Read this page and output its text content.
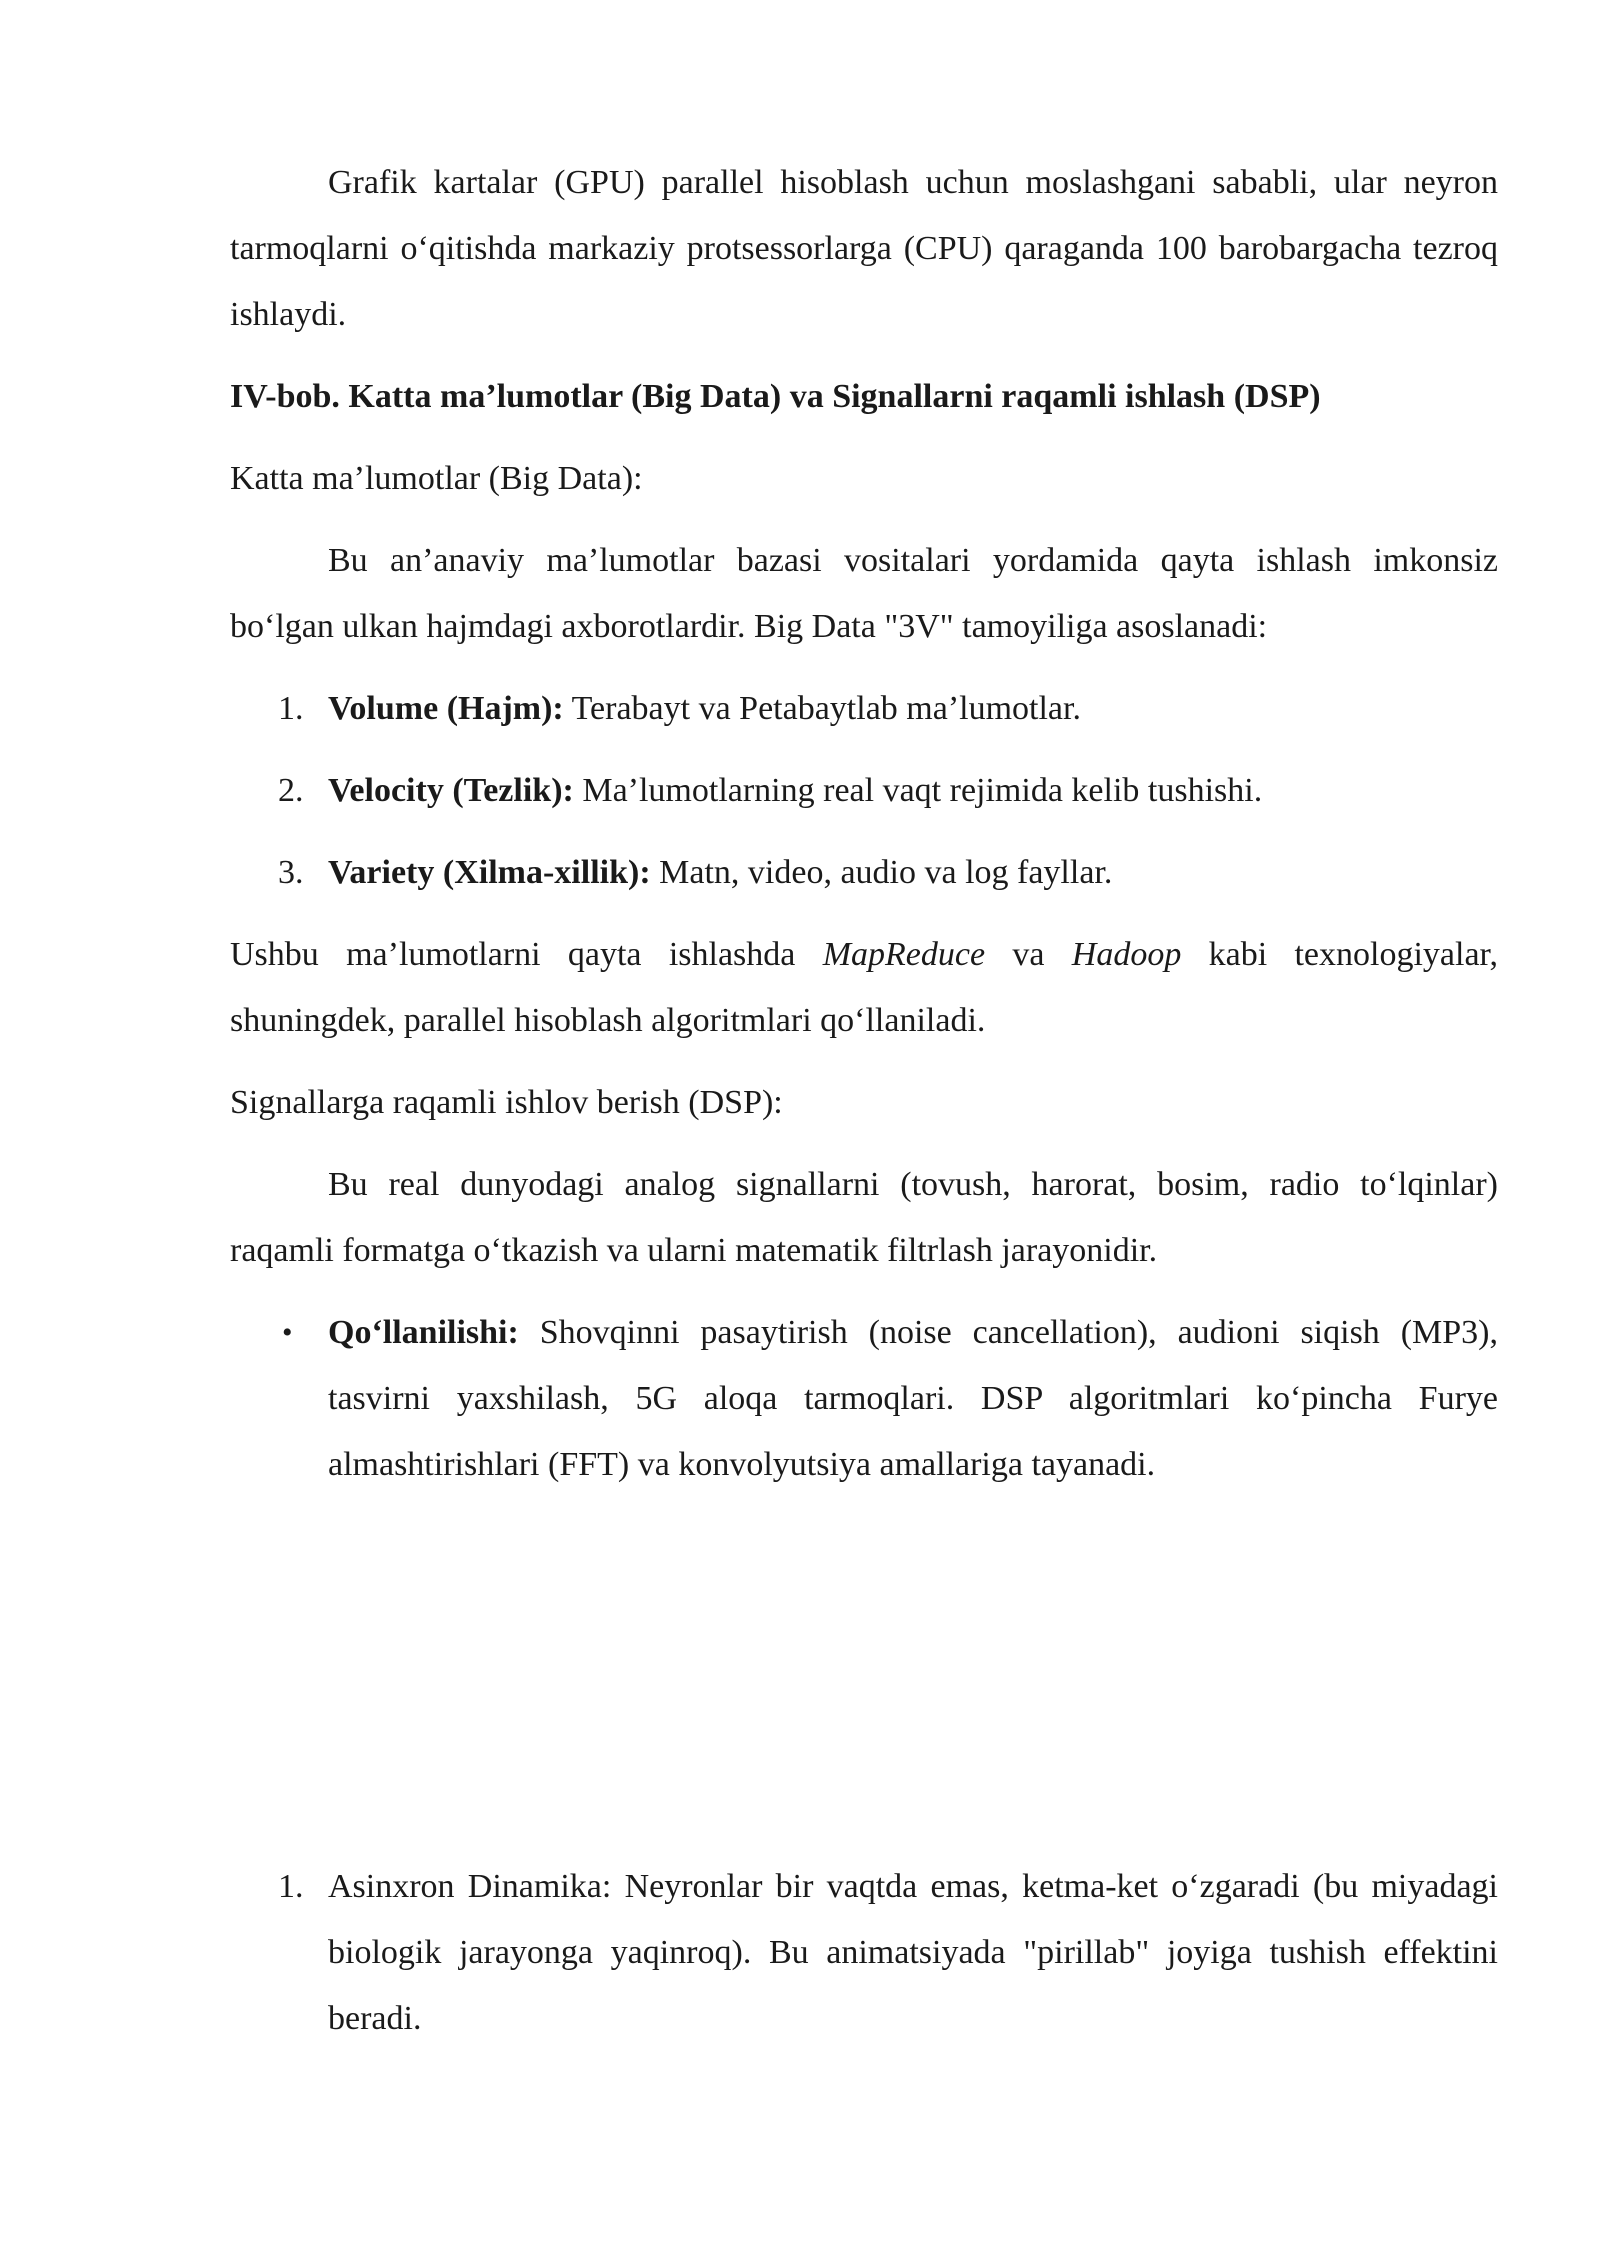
Grafik kartalar (GPU) parallel hisoblash uchun moslashgani sababli, ular neyron tarmoqlarni o‘qitishda markaziy protsessorlarga (CPU) qaraganda 100 barobargacha tezroq ishlaydi.

IV-bob. Katta ma’lumotlar (Big Data) va Signallarni raqamli ishlash (DSP)

Katta ma’lumotlar (Big Data):

Bu an’anaviy ma’lumotlar bazasi vositalari yordamida qayta ishlash imkonsiz bo‘lgan ulkan hajmdagi axborotlardir. Big Data "3V" tamoyiliga asoslanadi:

1. Volume (Hajm): Terabayt va Petabaytlab ma’lumotlar.
2. Velocity (Tezlik): Ma’lumotlarning real vaqt rejimida kelib tushishi.
3. Variety (Xilma-xillik): Matn, video, audio va log fayllar.

Ushbu ma’lumotlarni qayta ishlashda MapReduce va Hadoop kabi texnologiyalar, shuningdek, parallel hisoblash algoritmlari qo‘llaniladi.

Signallarga raqamli ishlov berish (DSP):

Bu real dunyodagi analog signallarni (tovush, harorat, bosim, radio to‘lqinlar) raqamli formatga o‘tkazish va ularni matematik filtrlash jarayonidir.

• Qo‘llanilishi: Shovqinni pasaytirish (noise cancellation), audioni siqish (MP3), tasvirni yaxshilash, 5G aloqa tarmoqlari. DSP algoritmlari ko‘pincha Furye almashtirishlari (FFT) va konvolyutsiya amallariga tayanadi.
1. Asinxron Dinamika: Neyronlar bir vaqtda emas, ketma-ket o‘zgaradi (bu miyadagi biologik jarayonga yaqinroq). Bu animatsiyada "pirillab" joyiga tushish effektini beradi.
